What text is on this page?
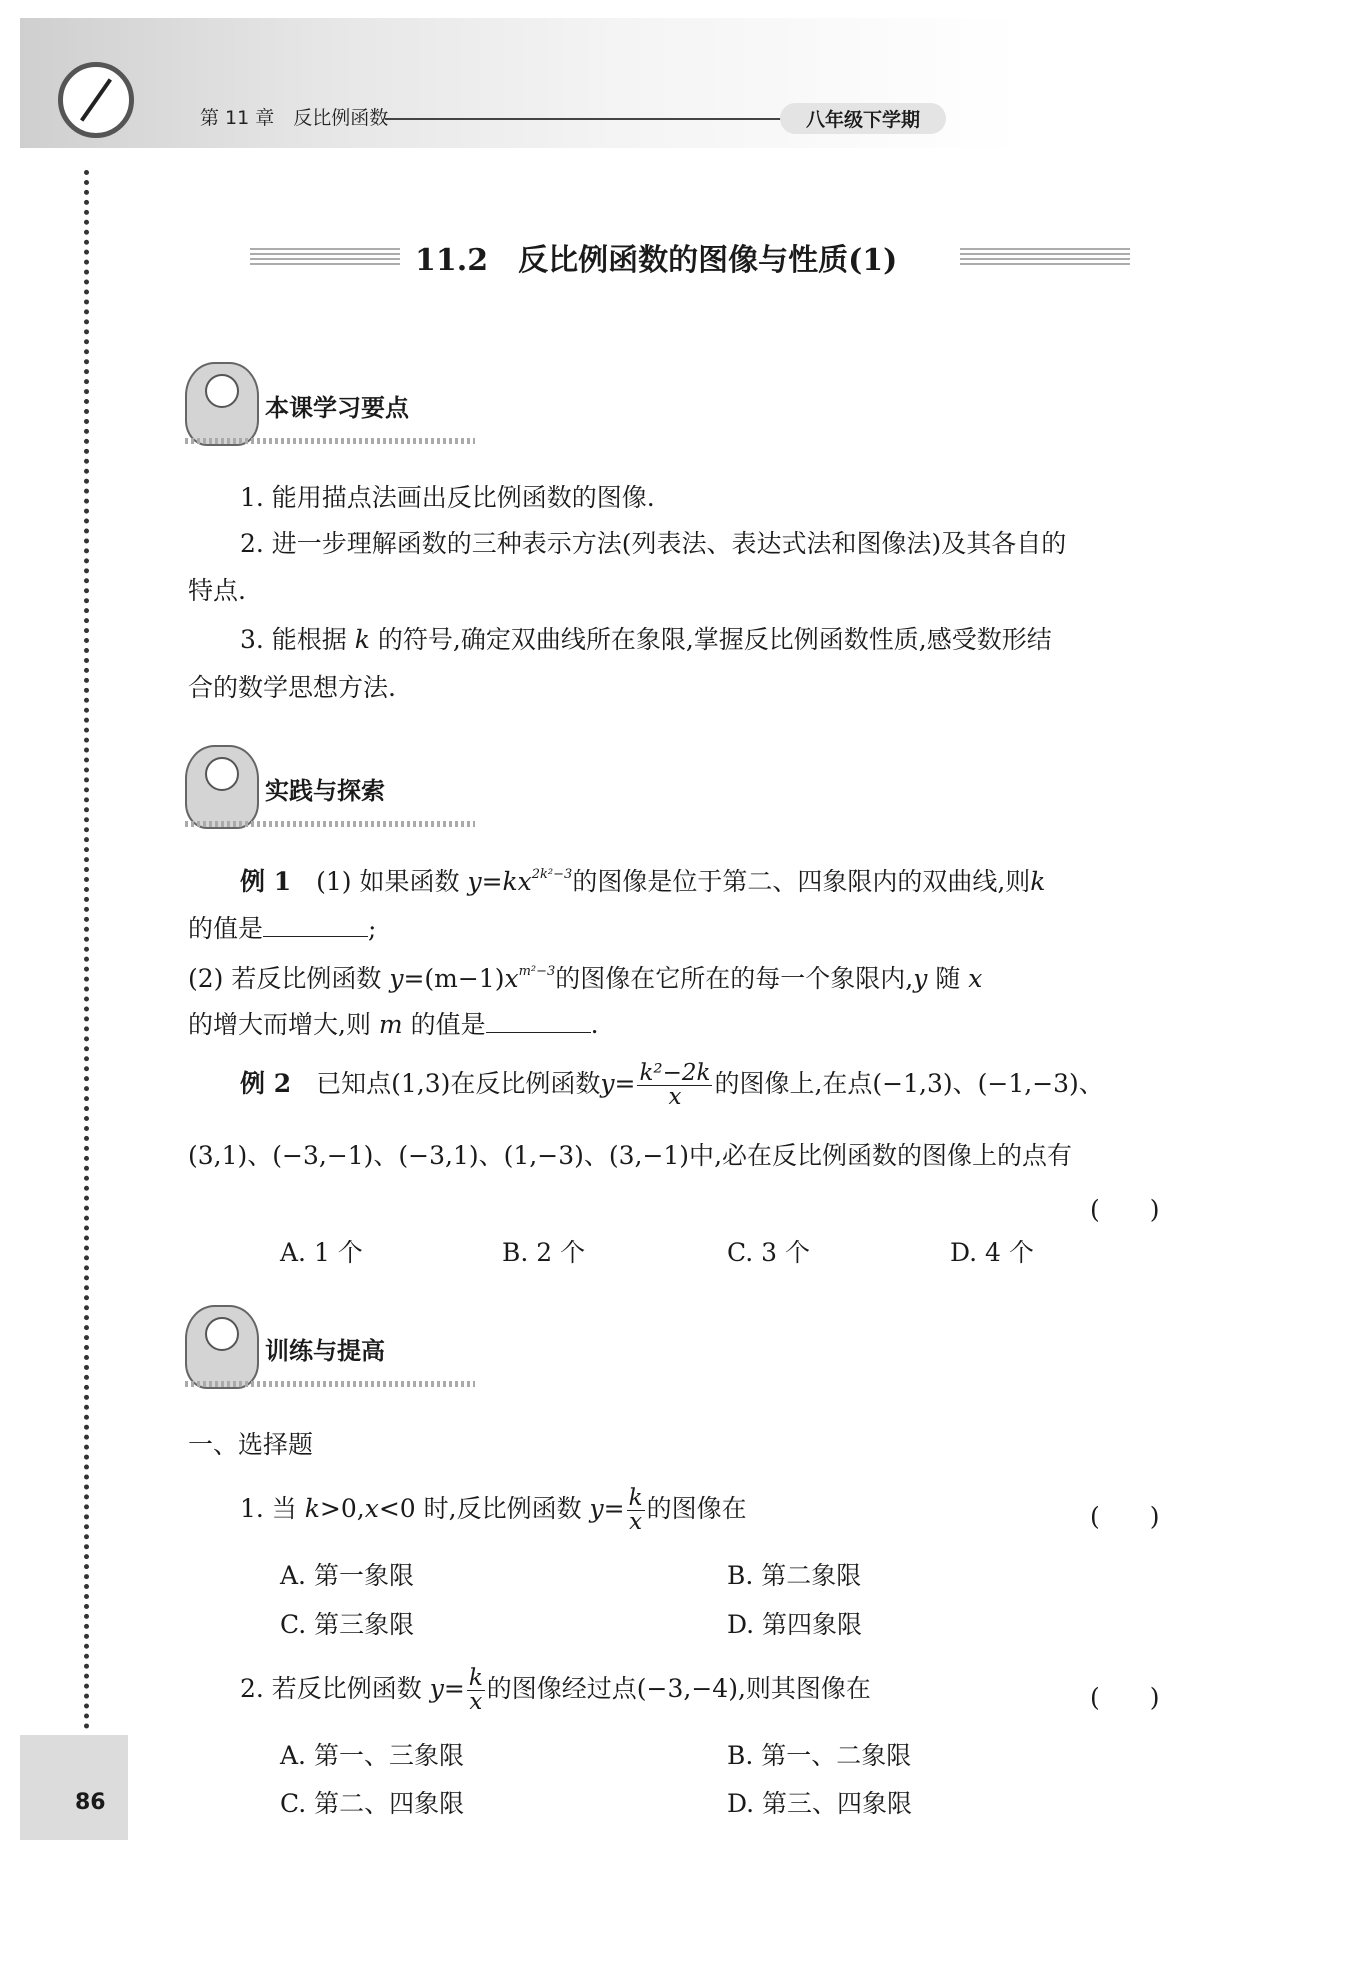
第 11 章　反比例函数	八年级下学期
86
11.2　反比例函数的图像与性质(1)
本课学习要点
1. 能用描点法画出反比例函数的图像.
2. 进一步理解函数的三种表示方法(列表法、表达式法和图像法)及其各自的
特点.
3. 能根据 k 的符号,确定双曲线所在象限,掌握反比例函数性质,感受数形结
合的数学思想方法.
实践与探索
例 1　 (1) 如果函数 $y=kx^{2k^2-3}$的图像是位于第二、四象限内的双曲线,则k
的值是	;
(2) 若反比例函数 $y=(m-1)x^{m^2-3}$的图像在它所在的每一个象限内,y 随 x
的增大而增大,则 m 的值是	.
例 2　 已知点(1,3)在反比例函数$y= \frac{\text{k²−2k}}{x}$ 的图像上,在点(−1,3)、(−1,−3)、
(3,1)、(−3,−1)、(−3,1)、(1,−3)、(3,−1)中,必在反比例函数的图像上的点有
(　　)
A. 1 个	B. 2 个	C. 3 个	D. 4 个
训练与提高
一、选择题
1. 当 k>0,x<0 时,反比例函数 $y= \frac{k}{x}$ 的图像在	(　　)
A. 第一象限	B. 第二象限
C. 第三象限	D. 第四象限
2. 若反比例函数 $y= \frac{k}{x}$ 的图像经过点(−3,−4),则其图像在	(　　)
A. 第一、三象限	B. 第一、二象限
C. 第二、四象限	D. 第三、四象限
